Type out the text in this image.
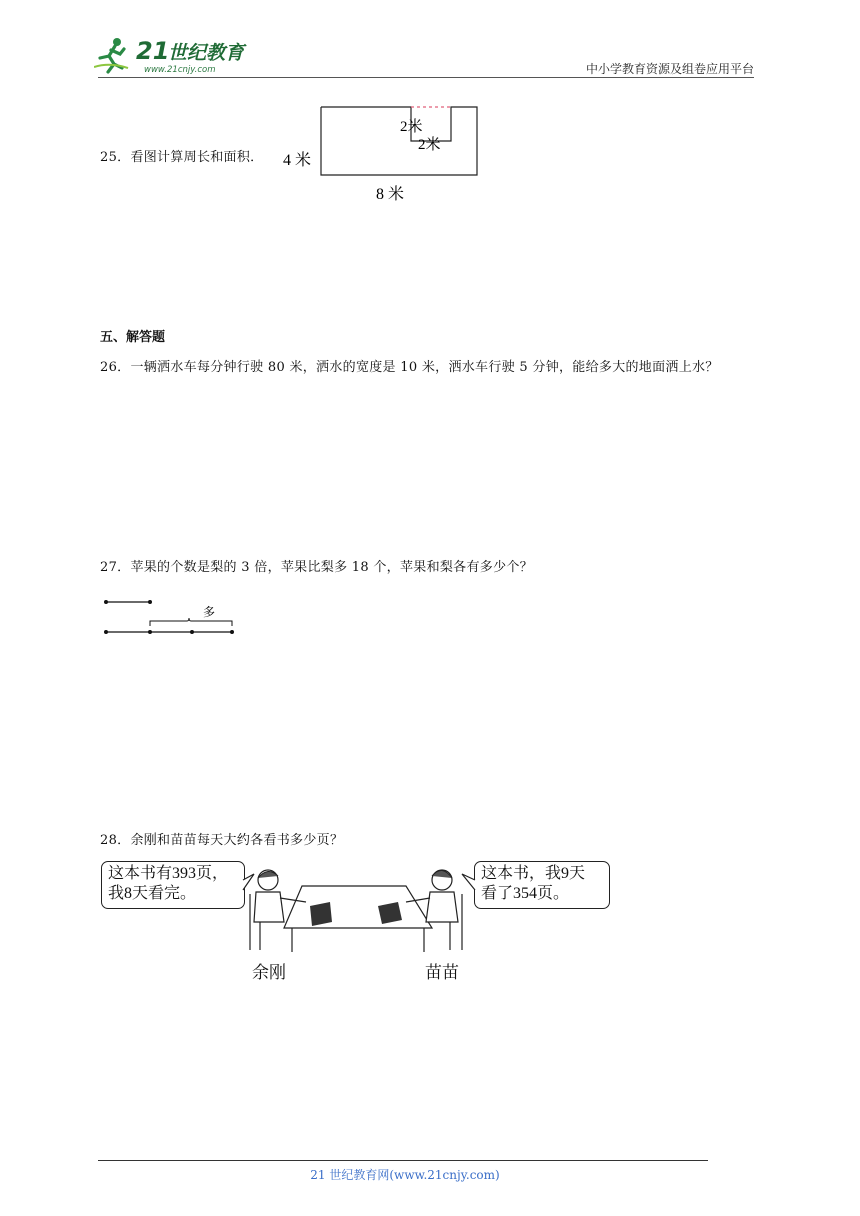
21
世纪教育
www.21cnjy.com	中小学教育资源及组卷应用平台
25．看图计算周长和面积． 4 米
2米
2米
8 米
五、解答题
26．一辆洒水车每分钟行驶 80 米，洒水的宽度是 10 米，洒水车行驶 5 分钟，能给多大的地面洒上水？
27．苹果的个数是梨的 3 倍，苹果比梨多 18 个，苹果和梨各有多少个？
多
28．余刚和苗苗每天大约各看书多少页？
这本书有393页，
我8天看完。
这本书，我9天
看了354页。
余刚	苗苗
21 世纪教育网(www.21cnjy.com)
